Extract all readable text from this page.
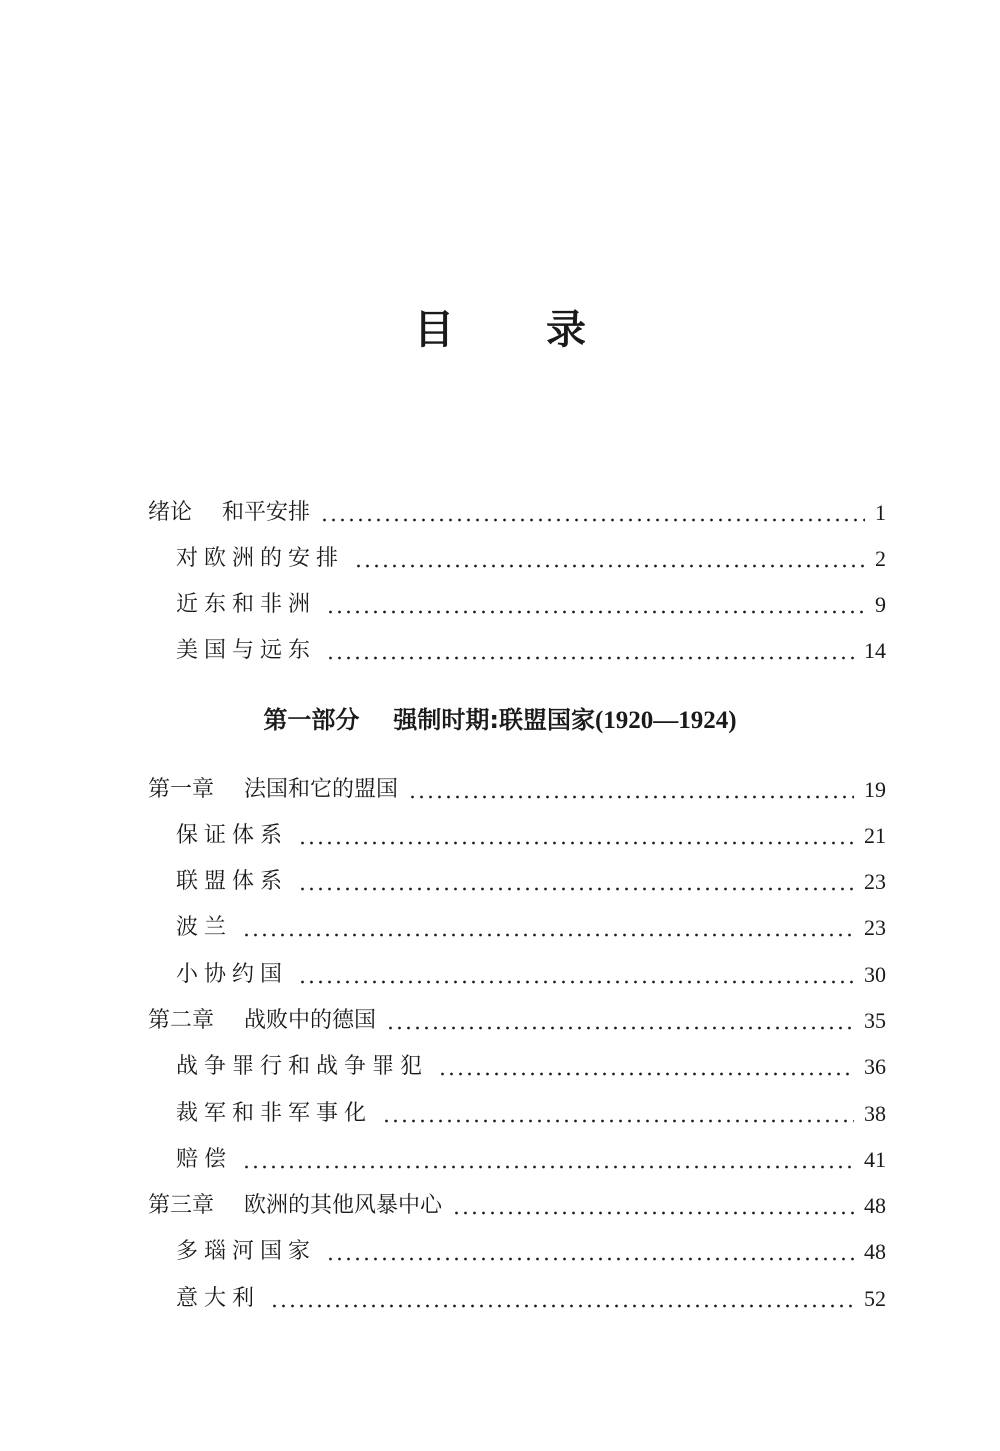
目 录
绪论 和平安排	1
对欧洲的安排	2
近东和非洲	9
美国与远东	14
第一部分 强制时期:联盟国家(1920—1924)
第一章 法国和它的盟国	19
保证体系	21
联盟体系	23
波兰	23
小协约国	30
第二章 战败中的德国	35
战争罪行和战争罪犯	36
裁军和非军事化	38
赔偿	41
第三章 欧洲的其他风暴中心	48
多瑙河国家	48
意大利	52
